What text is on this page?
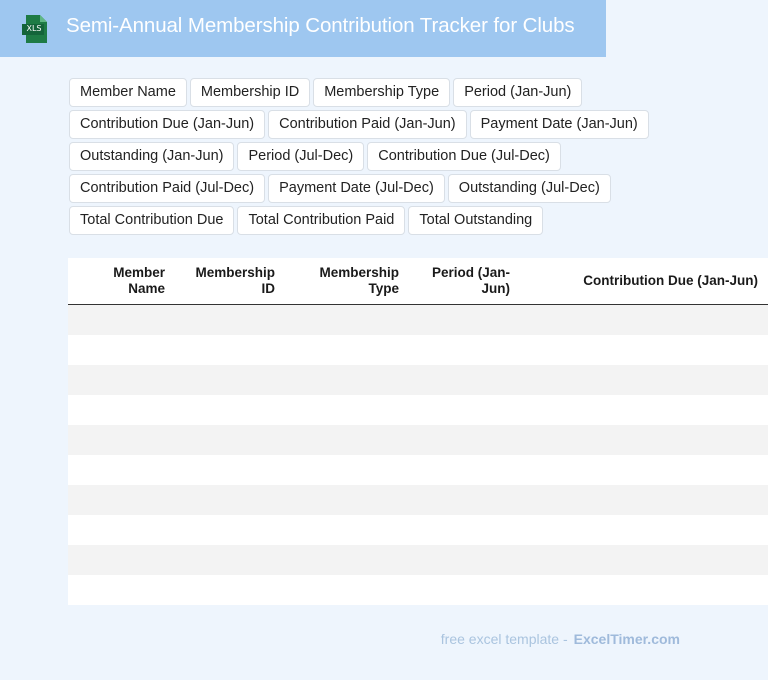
XLS Semi-Annual Membership Contribution Tracker for Clubs
Member Name	Membership ID	Membership Type	Period (Jan-Jun)
Contribution Due (Jan-Jun)	Contribution Paid (Jan-Jun)	Payment Date (Jan-Jun)
Outstanding (Jan-Jun)	Period (Jul-Dec)	Contribution Due (Jul-Dec)
Contribution Paid (Jul-Dec)	Payment Date (Jul-Dec)	Outstanding (Jul-Dec)
Total Contribution Due	Total Contribution Paid	Total Outstanding
Member Name	Membership ID	Membership Type	Period (Jan-Jun)	Contribution Due (Jan-Jun)

free excel template - ExcelTimer.com
